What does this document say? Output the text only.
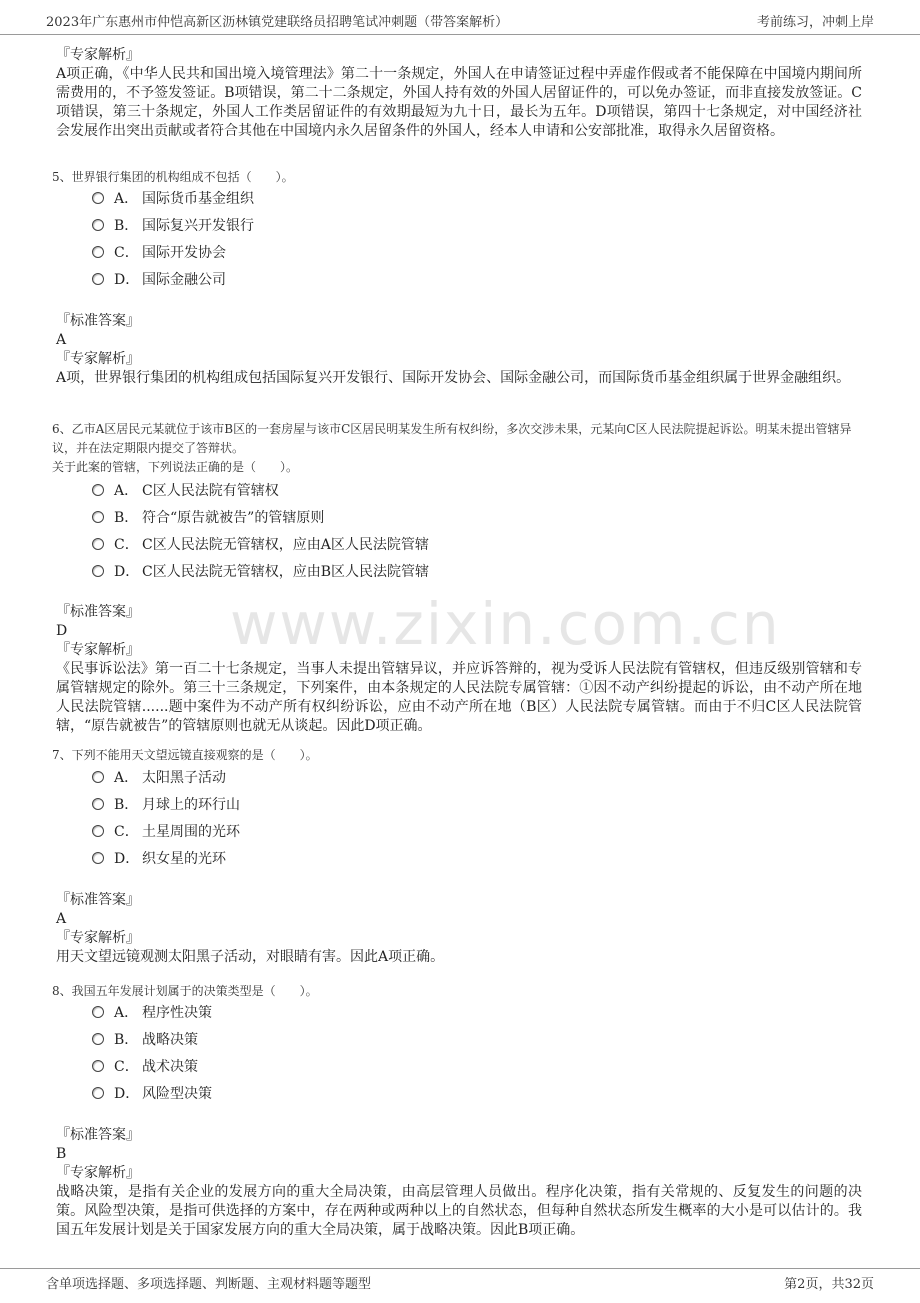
2023年广东惠州市仲恺高新区沥林镇党建联络员招聘笔试冲刺题（带答案解析）	考前练习，冲刺上岸
www.zixin.com.cn
『专家解析』
A项正确，《中华人民共和国出境入境管理法》第二十一条规定，外国人在申请签证过程中弄虚作假或者不能保障在中国境内期间所需费用的，不予签发签证。B项错误，第二十二条规定，外国人持有效的外国人居留证件的，可以免办签证，而非直接发放签证。C项错误，第三十条规定，外国人工作类居留证件的有效期最短为九十日，最长为五年。D项错误，第四十七条规定，对中国经济社会发展作出突出贡献或者符合其他在中国境内永久居留条件的外国人，经本人申请和公安部批准，取得永久居留资格。
5、世界银行集团的机构组成不包括（　　）。
A． 国际货币基金组织
B． 国际复兴开发银行
C． 国际开发协会
D． 国际金融公司
『标准答案』
A
『专家解析』
A项，世界银行集团的机构组成包括国际复兴开发银行、国际开发协会、国际金融公司，而国际货币基金组织属于世界金融组织。
6、乙市A区居民元某就位于该市B区的一套房屋与该市C区居民明某发生所有权纠纷，多次交涉未果，元某向C区人民法院提起诉讼。明某未提出管辖异议，并在法定期限内提交了答辩状。
关于此案的管辖，下列说法正确的是（　　）。
A． C区人民法院有管辖权
B． 符合“原告就被告”的管辖原则
C． C区人民法院无管辖权，应由A区人民法院管辖
D． C区人民法院无管辖权，应由B区人民法院管辖
『标准答案』
D
『专家解析』
《民事诉讼法》第一百二十七条规定，当事人未提出管辖异议，并应诉答辩的，视为受诉人民法院有管辖权，但违反级别管辖和专属管辖规定的除外。第三十三条规定，下列案件，由本条规定的人民法院专属管辖：①因不动产纠纷提起的诉讼，由不动产所在地人民法院管辖......题中案件为不动产所有权纠纷诉讼，应由不动产所在地（B区）人民法院专属管辖。而由于不归C区人民法院管辖，“原告就被告”的管辖原则也就无从谈起。因此D项正确。
7、下列不能用天文望远镜直接观察的是（　　）。
A． 太阳黑子活动
B． 月球上的环行山
C． 土星周围的光环
D． 织女星的光环
『标准答案』
A
『专家解析』
用天文望远镜观测太阳黑子活动，对眼睛有害。因此A项正确。
8、我国五年发展计划属于的决策类型是（　　）。
A． 程序性决策
B． 战略决策
C． 战术决策
D． 风险型决策
『标准答案』
B
『专家解析』
战略决策，是指有关企业的发展方向的重大全局决策，由高层管理人员做出。程序化决策，指有关常规的、反复发生的问题的决策。风险型决策，是指可供选择的方案中，存在两种或两种以上的自然状态，但每种自然状态所发生概率的大小是可以估计的。我国五年发展计划是关于国家发展方向的重大全局决策，属于战略决策。因此B项正确。
含单项选择题、多项选择题、判断题、主观材料题等题型	第2页，共32页
